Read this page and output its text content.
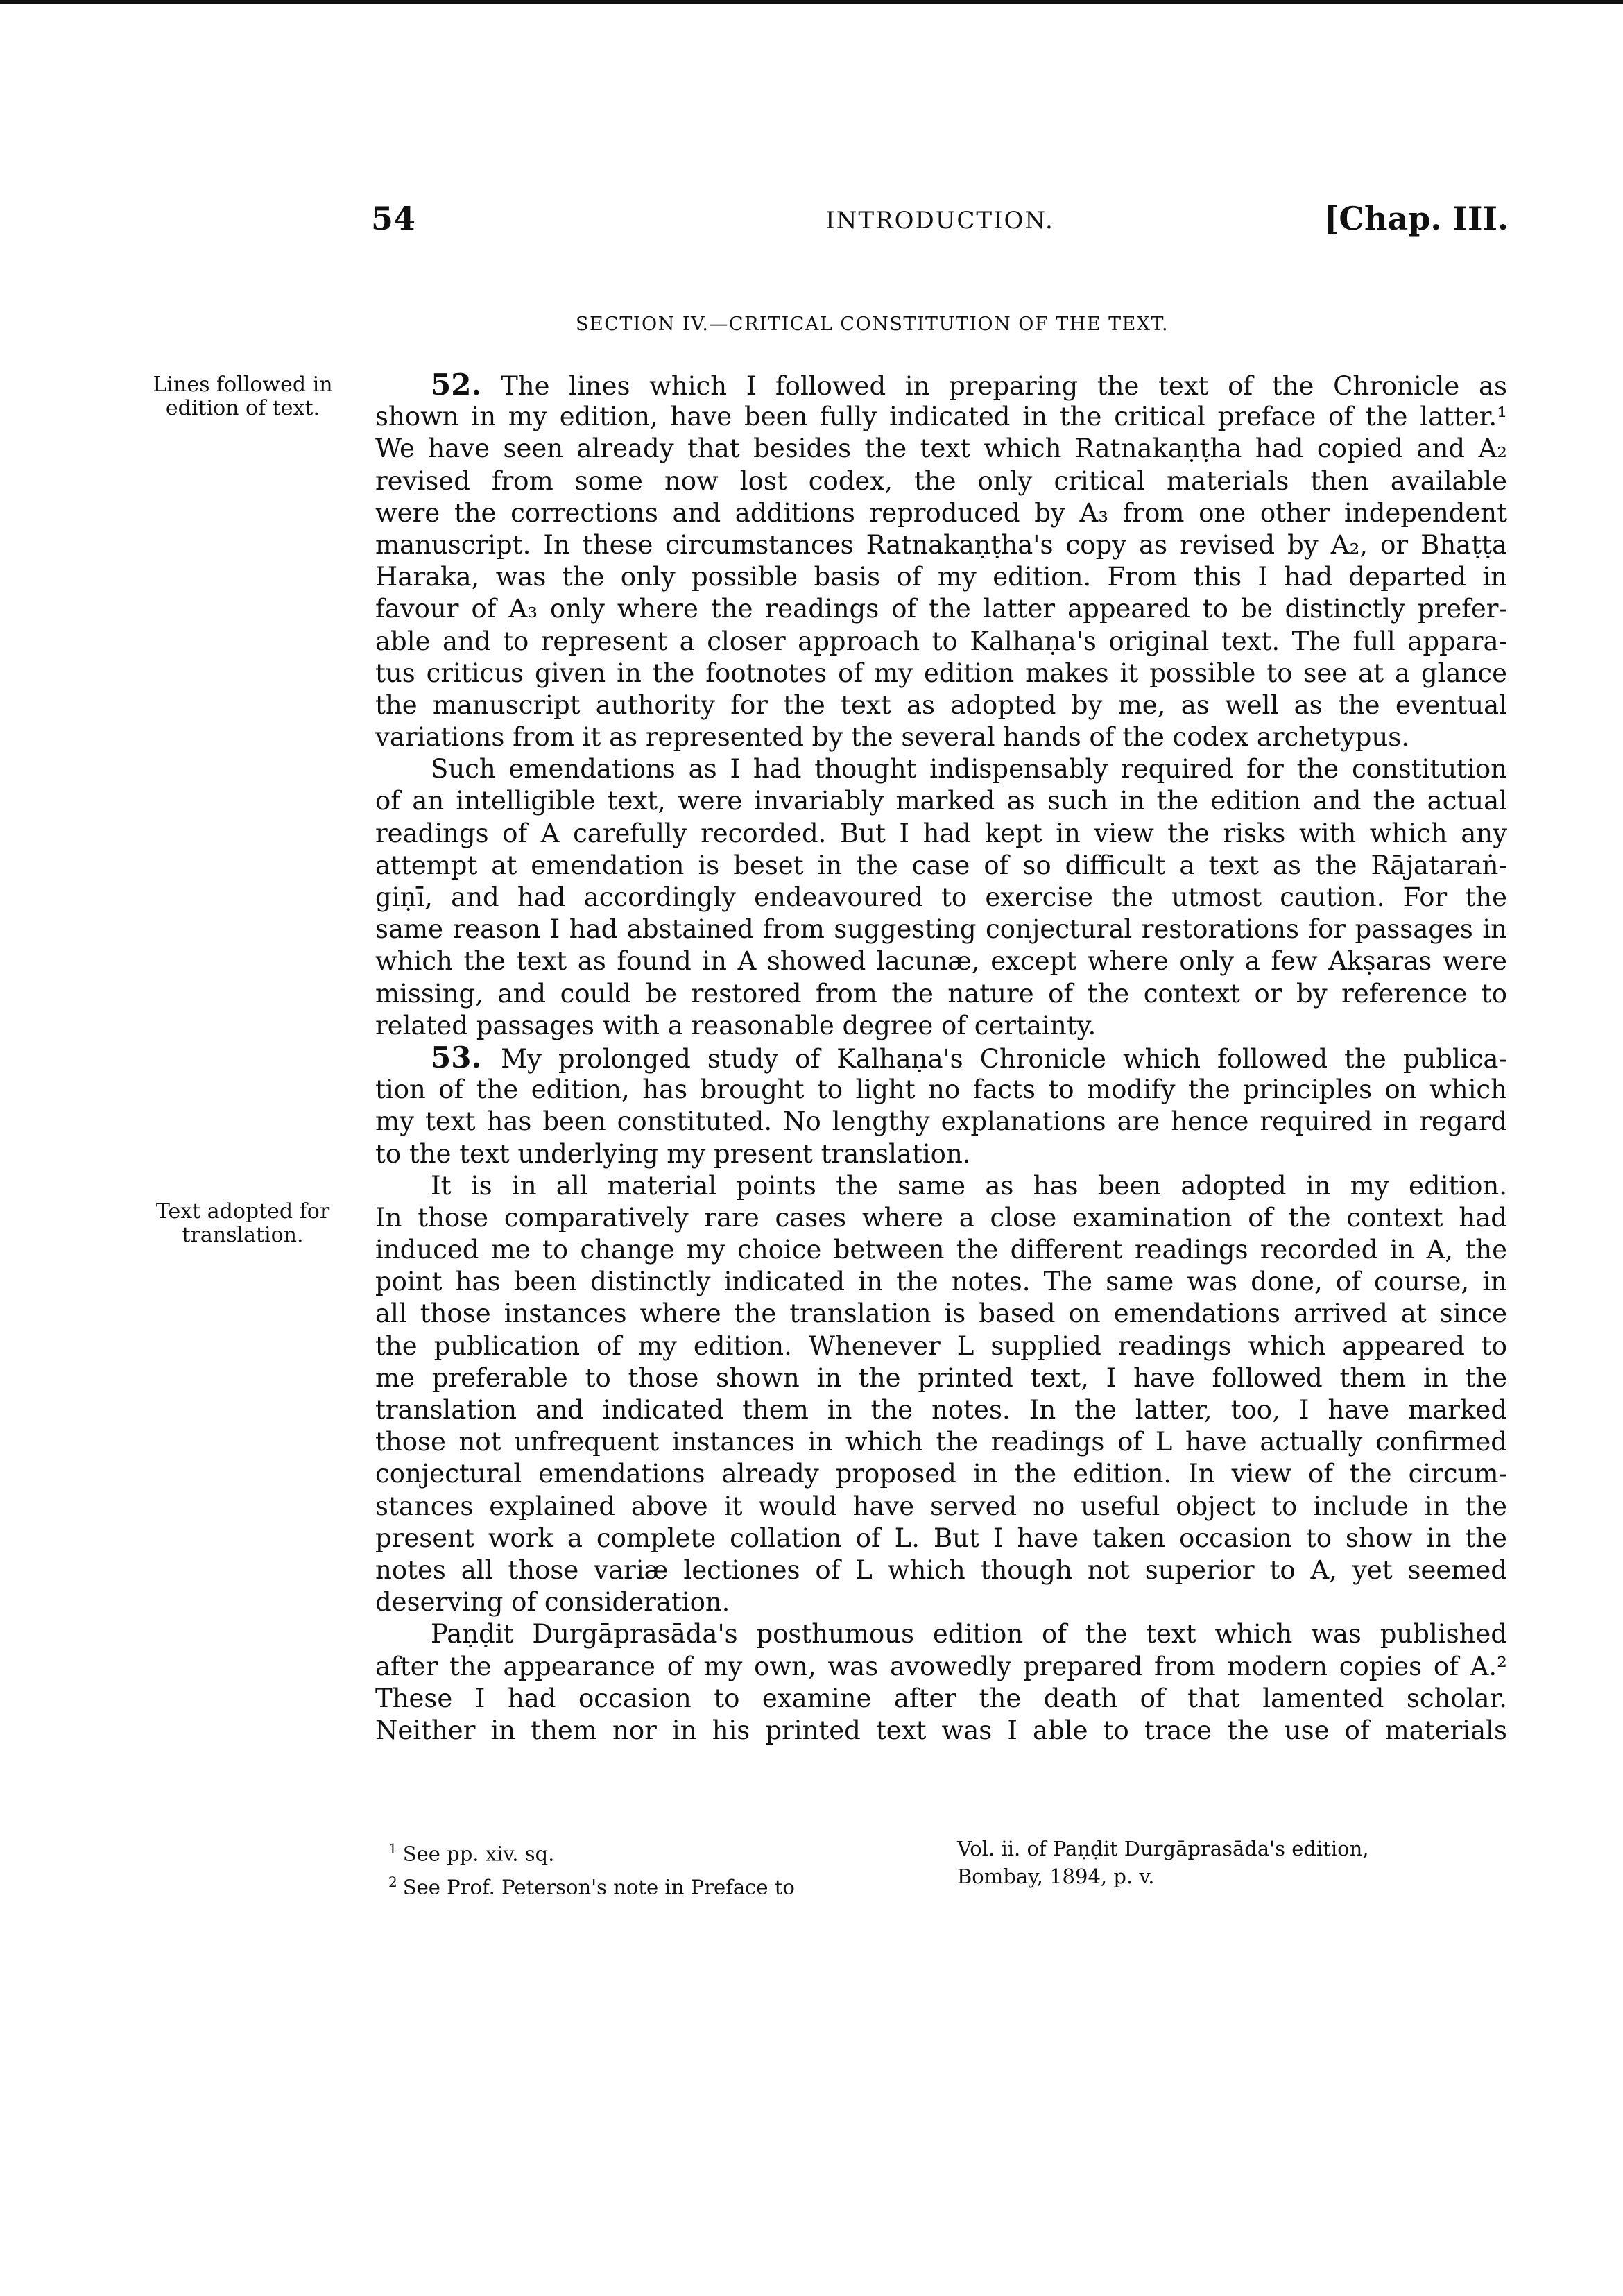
54	INTRODUCTION.	[Chap. III.
SECTION IV.—CRITICAL CONSTITUTION OF THE TEXT.
Lines followed in edition of text.
Text adopted for translation.
52. The lines which I followed in preparing the text of the Chronicle as
shown in my edition, have been fully indicated in the critical preface of the latter.¹
We have seen already that besides the text which Ratnakaṇṭha had copied and A₂
revised from some now lost codex, the only critical materials then available
were the corrections and additions reproduced by A₃ from one other independent
manuscript. In these circumstances Ratnakaṇṭha's copy as revised by A₂, or Bhaṭṭa
Haraka, was the only possible basis of my edition. From this I had departed in
favour of A₃ only where the readings of the latter appeared to be distinctly prefer-
able and to represent a closer approach to Kalhaṇa's original text. The full appara-
tus criticus given in the footnotes of my edition makes it possible to see at a glance
the manuscript authority for the text as adopted by me, as well as the eventual
variations from it as represented by the several hands of the codex archetypus.
Such emendations as I had thought indispensably required for the constitution
of an intelligible text, were invariably marked as such in the edition and the actual
readings of A carefully recorded. But I had kept in view the risks with which any
attempt at emendation is beset in the case of so difficult a text as the Rājataraṅ-
giṇī, and had accordingly endeavoured to exercise the utmost caution. For the
same reason I had abstained from suggesting conjectural restorations for passages in
which the text as found in A showed lacunæ, except where only a few Akṣaras were
missing, and could be restored from the nature of the context or by reference to
related passages with a reasonable degree of certainty.
53. My prolonged study of Kalhaṇa's Chronicle which followed the publica-
tion of the edition, has brought to light no facts to modify the principles on which
my text has been constituted. No lengthy explanations are hence required in regard
to the text underlying my present translation.
It is in all material points the same as has been adopted in my edition.
In those comparatively rare cases where a close examination of the context had
induced me to change my choice between the different readings recorded in A, the
point has been distinctly indicated in the notes. The same was done, of course, in
all those instances where the translation is based on emendations arrived at since
the publication of my edition. Whenever L supplied readings which appeared to
me preferable to those shown in the printed text, I have followed them in the
translation and indicated them in the notes. In the latter, too, I have marked
those not unfrequent instances in which the readings of L have actually confirmed
conjectural emendations already proposed in the edition. In view of the circum-
stances explained above it would have served no useful object to include in the
present work a complete collation of L. But I have taken occasion to show in the
notes all those variæ lectiones of L which though not superior to A, yet seemed
deserving of consideration.
Paṇḍit Durgāprasāda's posthumous edition of the text which was published
after the appearance of my own, was avowedly prepared from modern copies of A.²
These I had occasion to examine after the death of that lamented scholar.
Neither in them nor in his printed text was I able to trace the use of materials
$^1$ See pp. xiv. sq.
$^2$ See Prof. Peterson's note in Preface to
Vol. ii. of Paṇḍit Durgāprasāda's edition,
Bombay, 1894, p. v.
